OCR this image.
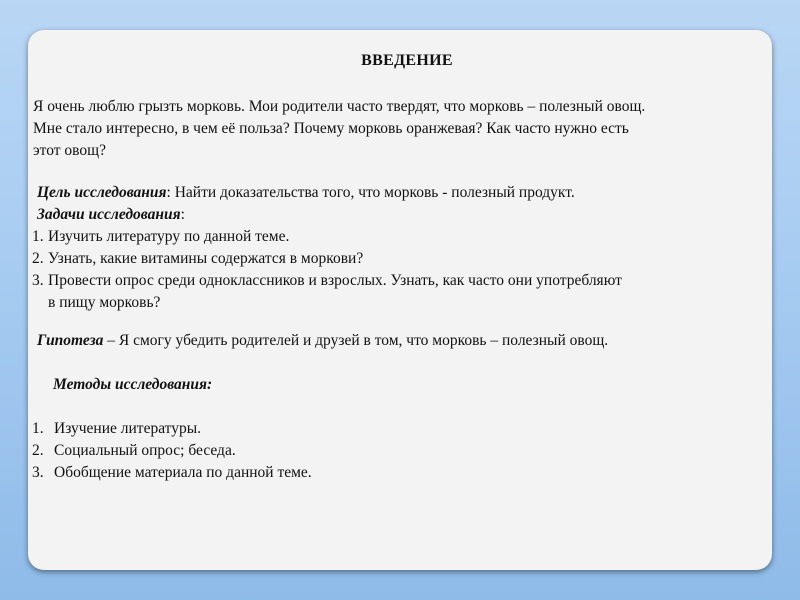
ВВЕДЕНИЕ

Я очень люблю грызть морковь. Мои родители часто твердят, что морковь – полезный овощ.

Мне стало интересно, в чем её польза? Почему морковь оранжевая? Как часто нужно есть

этот овощ?

Цель исследования: Найти доказательства того, что морковь - полезный продукт.
Задачи исследования:
1. Изучить литературу по данной теме.
2. Узнать, какие витамины содержатся в моркови?
3. Провести опрос среди одноклассников и взрослых. Узнать, как часто они употребляют
в пищу морковь?
Гипотеза – Я смогу убедить родителей и друзей в том, что морковь – полезный овощ.
Методы исследования:
1. Изучение литературы.
2. Социальный опрос; беседа.
3. Обобщение материала по данной теме.
